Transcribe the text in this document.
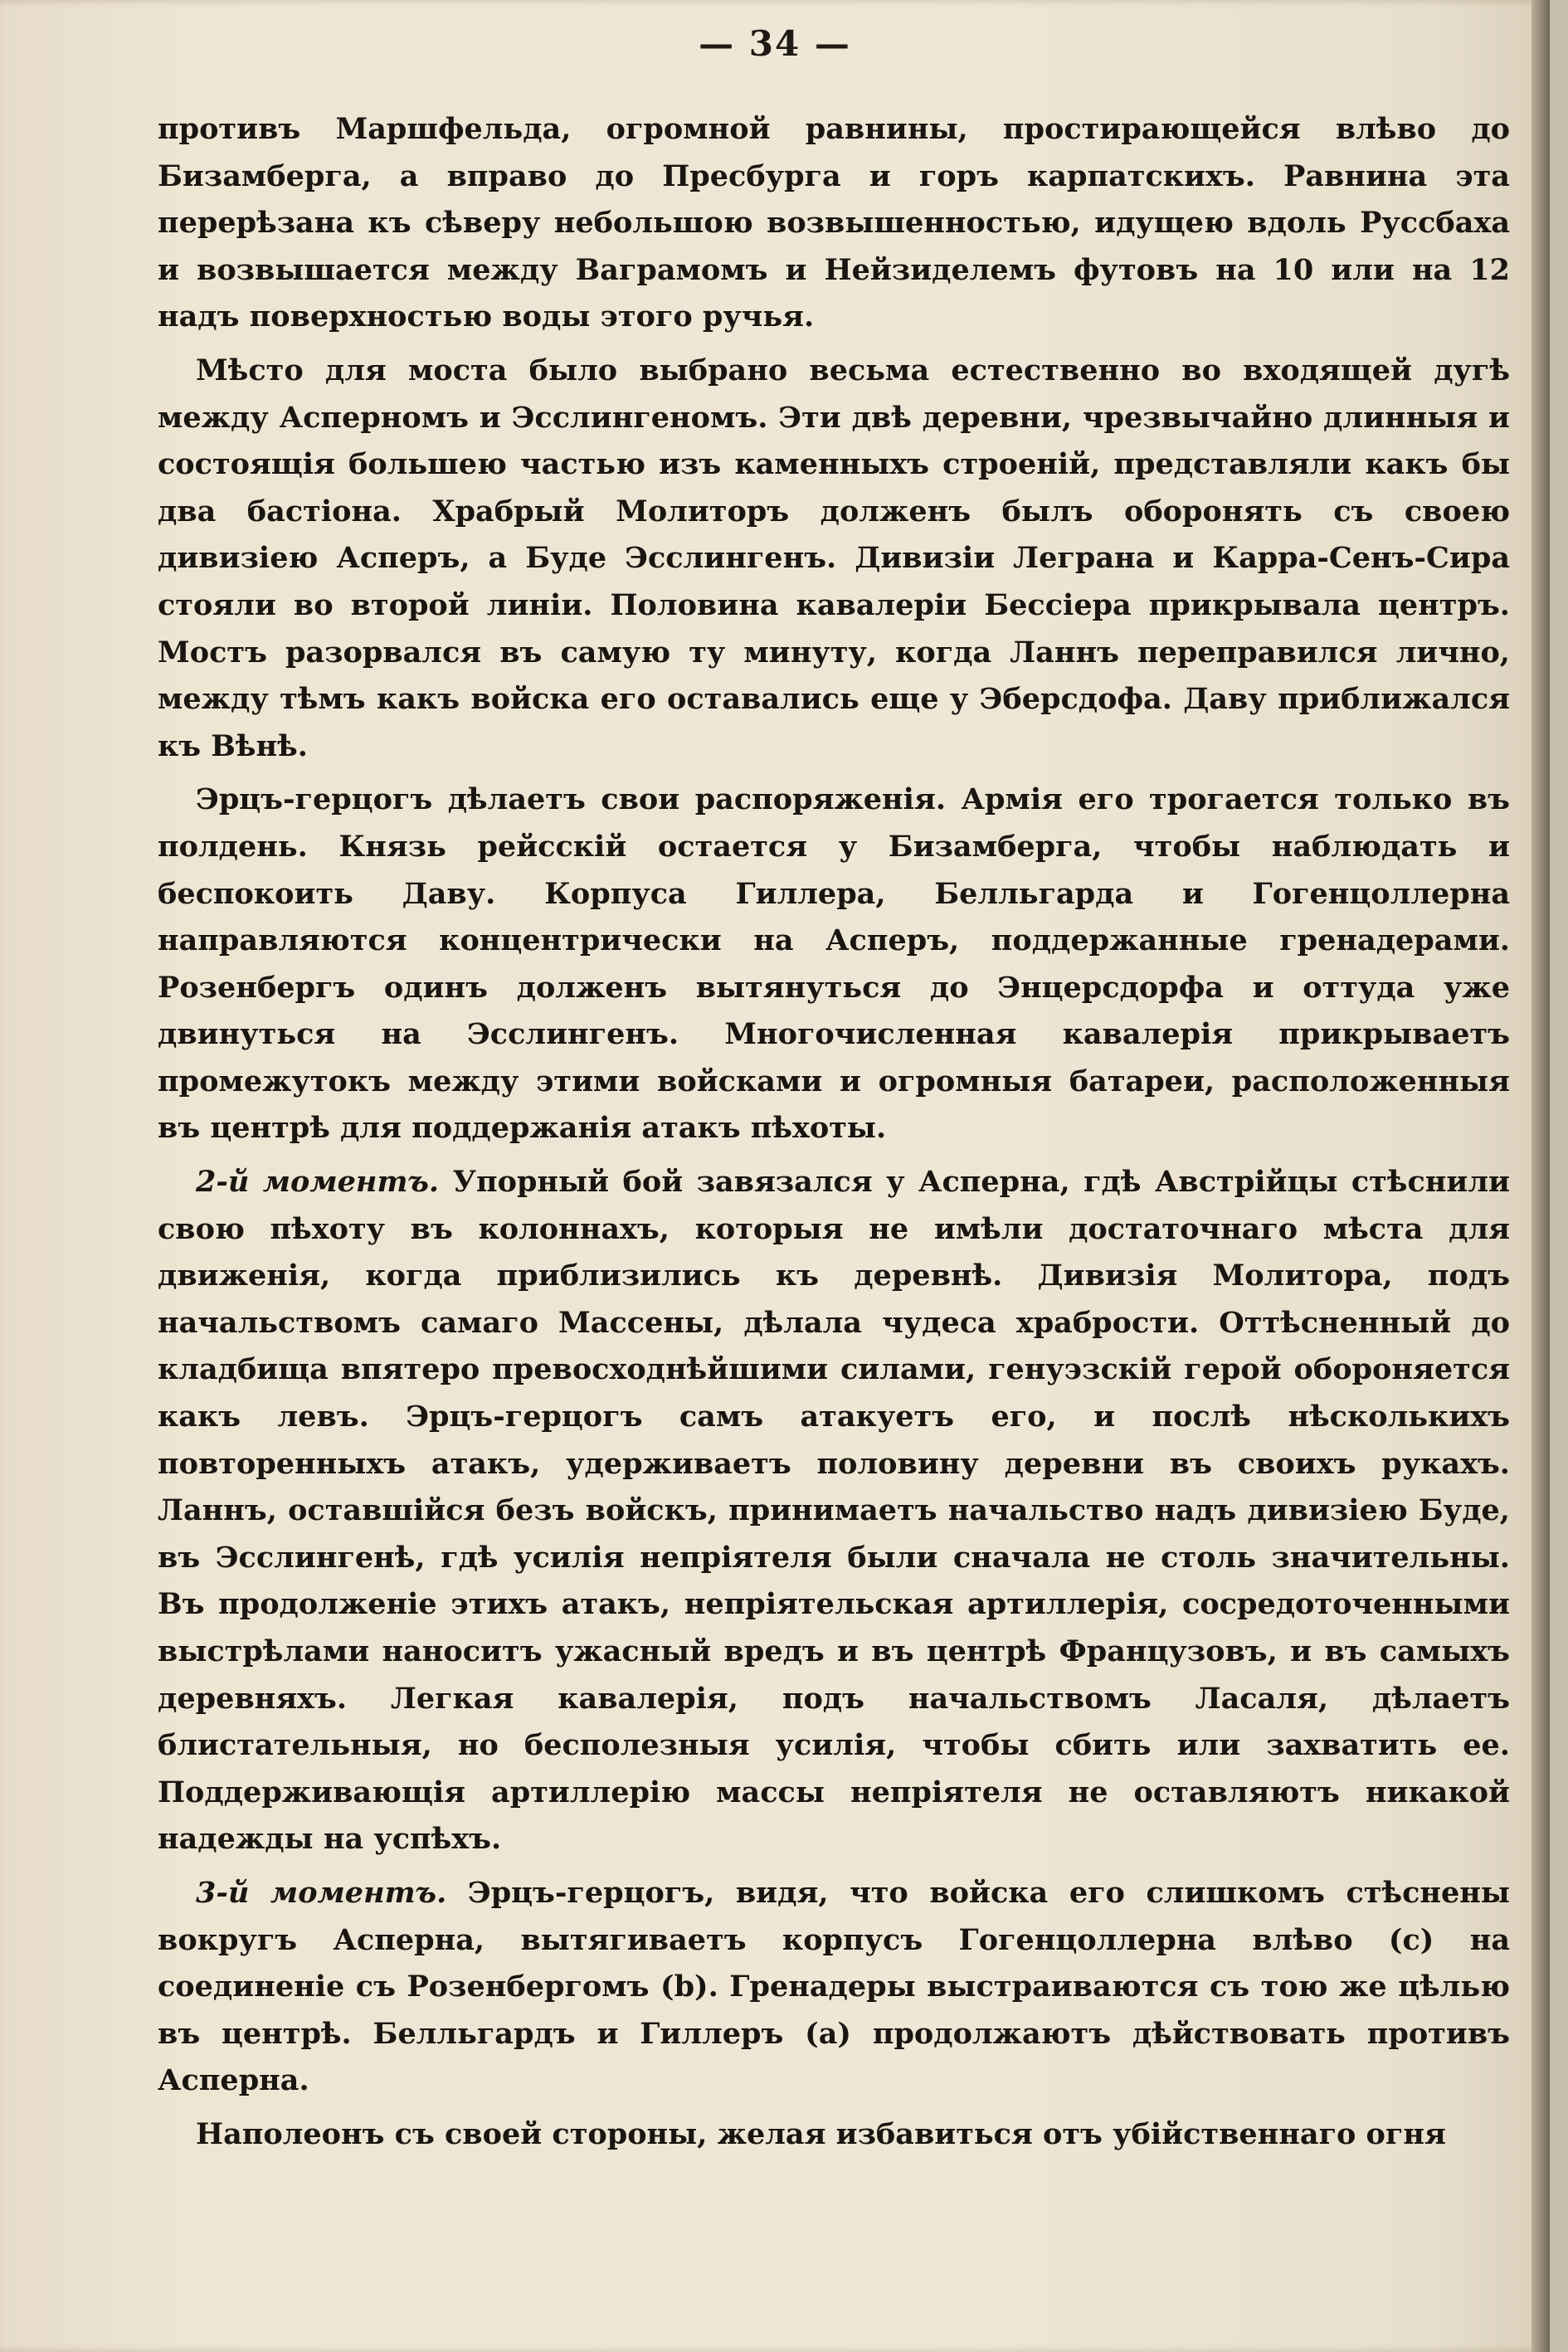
— 34 —

противъ Маршфельда, огромной равнины, простирающейся влѣво до Бизамберга, а вправо до Пресбурга и горъ карпатскихъ. Равнина эта перерѣзана къ сѣверу небольшою возвышенностью, идущею вдоль Руссбаха и возвышается между Ваграмомъ и Нейзиделемъ футовъ на 10 или на 12 надъ поверхностью воды этого ручья.

Мѣсто для моста было выбрано весьма естественно во входящей дугѣ между Асперномъ и Эсслингеномъ. Эти двѣ деревни, чрезвычайно длинныя и состоящія большею частью изъ каменныхъ строеній, представляли какъ бы два бастіона. Храбрый Молиторъ долженъ былъ оборонять съ своею дивизіею Асперъ, а Буде Эсслингенъ. Дивизіи Леграна и Карра-Сенъ-Сира стояли во второй линіи. Половина кавалеріи Бессіера прикрывала центръ. Мостъ разорвался въ самую ту минуту, когда Ланнъ переправился лично, между тѣмъ какъ войска его оставались еще у Эберсдофа. Даву приближался къ Вѣнѣ.

Эрцъ-герцогъ дѣлаетъ свои распоряженія. Армія его трогается только въ полдень. Князь рейсскій остается у Бизамберга, чтобы наблюдать и беспокоить Даву. Корпуса Гиллера, Белльгарда и Гогенцоллерна направляются концентрически на Асперъ, поддержанные гренадерами. Розенбергъ одинъ долженъ вытянуться до Энцерсдорфа и оттуда уже двинуться на Эсслингенъ. Многочисленная кавалерія прикрываетъ промежутокъ между этими войсками и огромныя батареи, расположенныя въ центрѣ для поддержанія атакъ пѣхоты.

2-й моментъ. Упорный бой завязался у Асперна, гдѣ Австрійцы стѣснили свою пѣхоту въ колоннахъ, которыя не имѣли достаточнаго мѣста для движенія, когда приблизились къ деревнѣ. Дивизія Молитора, подъ начальствомъ самаго Массены, дѣлала чудеса храбрости. Оттѣсненный до кладбища впятеро превосходнѣйшими силами, генуэзскій герой обороняется какъ левъ. Эрцъ-герцогъ самъ атакуетъ его, и послѣ нѣсколькихъ повторенныхъ атакъ, удерживаетъ половину деревни въ своихъ рукахъ. Ланнъ, оставшійся безъ войскъ, принимаетъ начальство надъ дивизіею Буде, въ Эсслингенѣ, гдѣ усилія непріятеля были сначала не столь значительны. Въ продолженіе этихъ атакъ, непріятельская артиллерія, сосредоточенными выстрѣлами наноситъ ужасный вредъ и въ центрѣ Французовъ, и въ самыхъ деревняхъ. Легкая кавалерія, подъ начальствомъ Ласаля, дѣлаетъ блистательныя, но бесполезныя усилія, чтобы сбить или захватить ее. Поддерживающія артиллерію массы непріятеля не оставляютъ никакой надежды на успѣхъ.

3-й моментъ. Эрцъ-герцогъ, видя, что войска его слишкомъ стѣснены вокругъ Асперна, вытягиваетъ корпусъ Гогенцоллерна влѣво (с) на соединеніе съ Розенбергомъ (b). Гренадеры выстраиваются съ тою же цѣлью въ центрѣ. Белльгардъ и Гиллеръ (а) продолжаютъ дѣйствовать противъ Асперна.

Наполеонъ съ своей стороны, желая избавиться отъ убійственнаго огня
